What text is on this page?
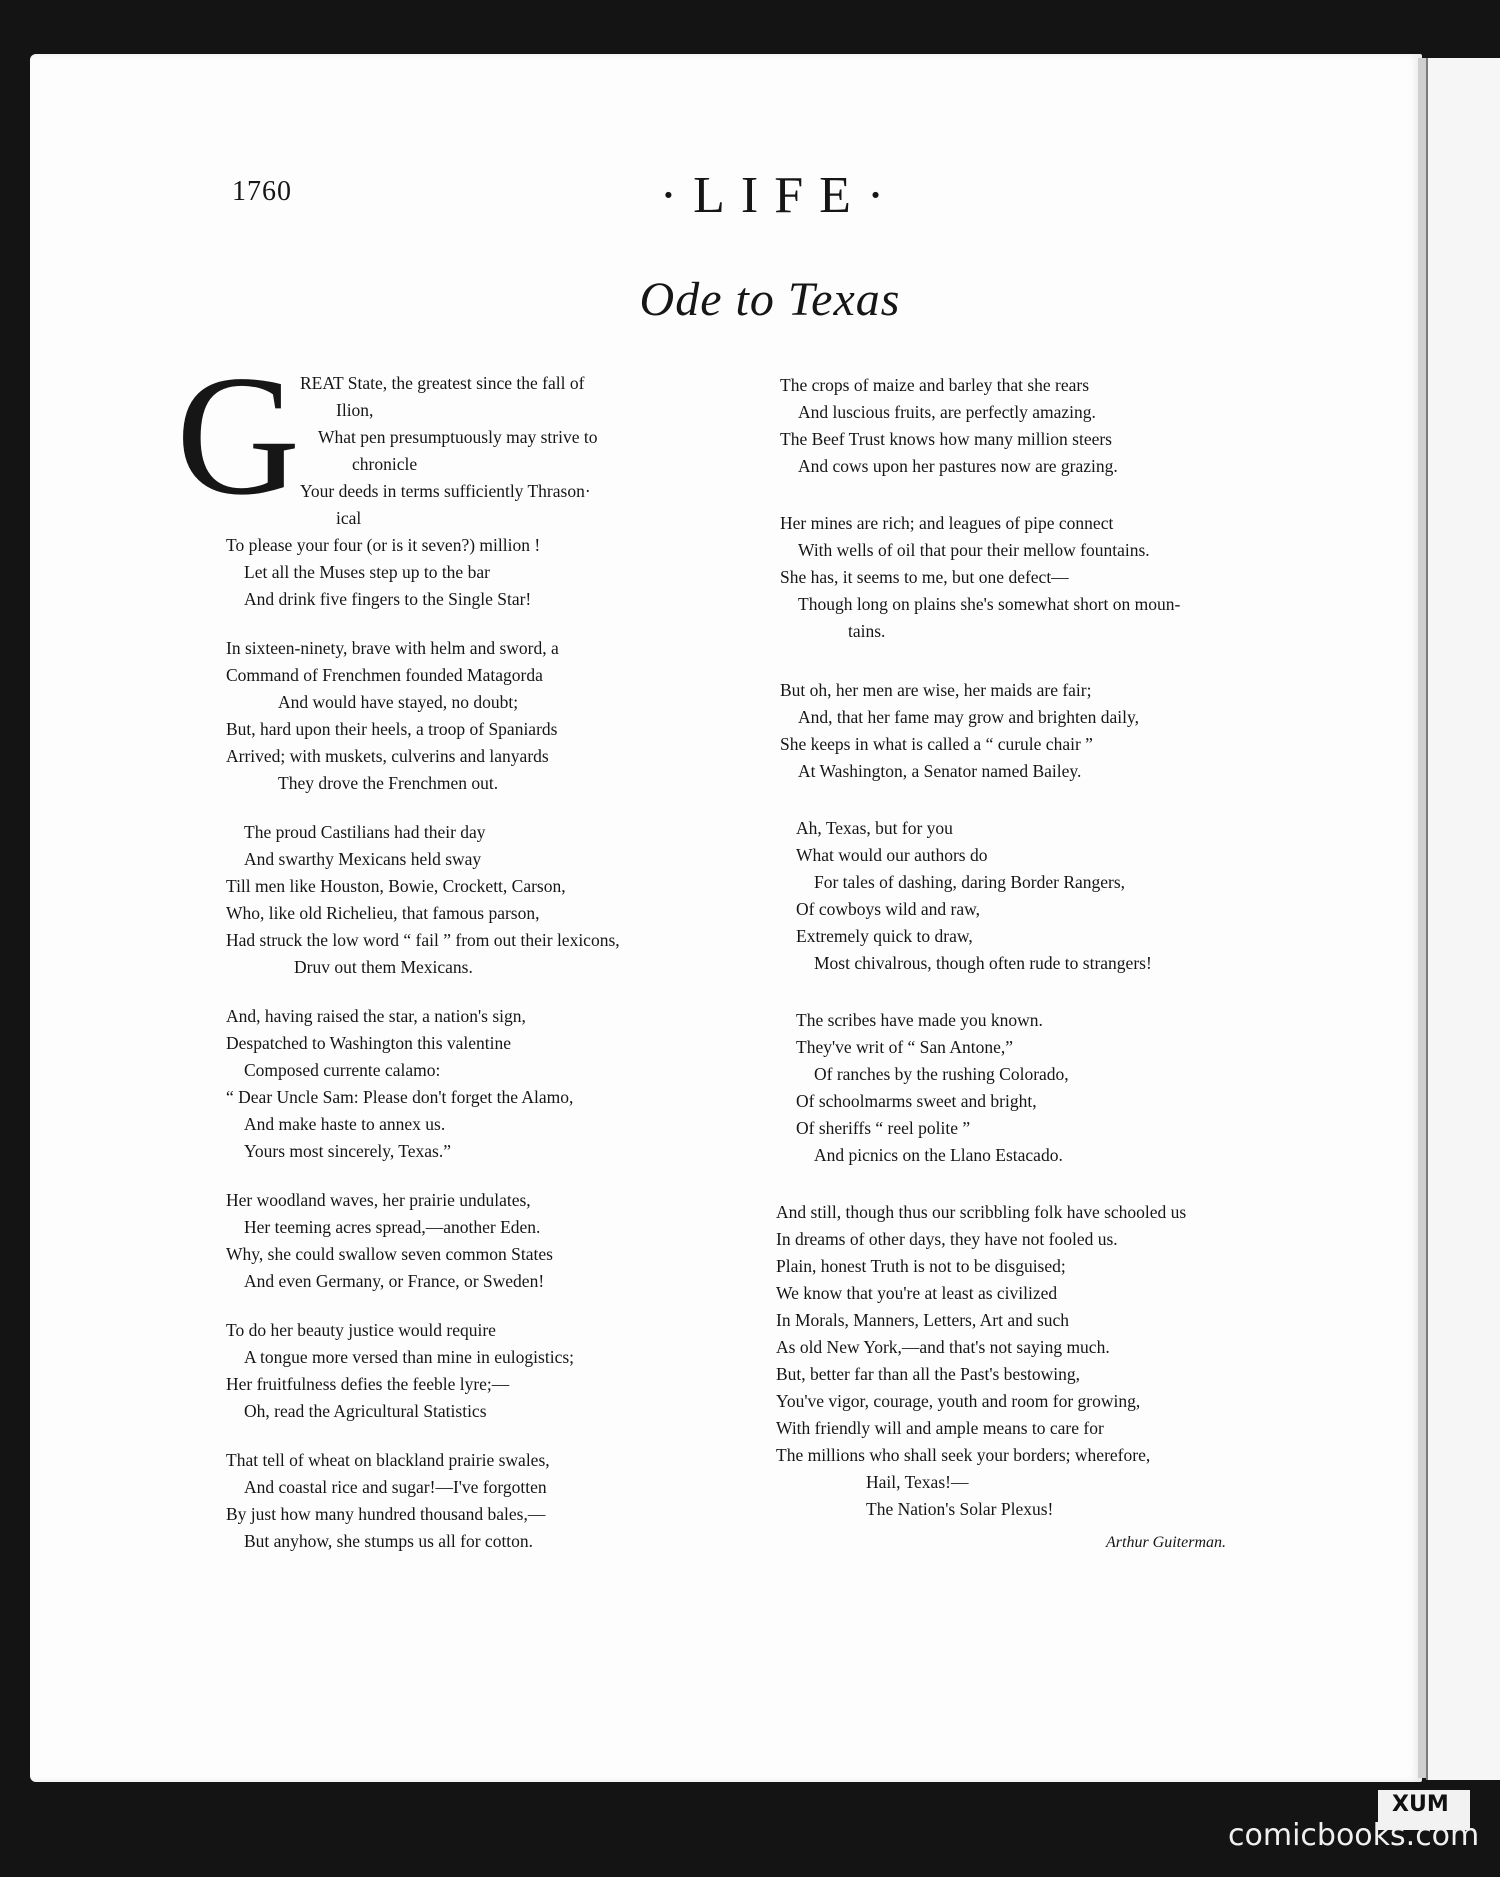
1760	·LIFE·
Ode to Texas
G REAT State, the greatest since the fall of
Ilion,
What pen presumptuously may strive to
chronicle
Your deeds in terms sufficiently Thrason·
ical
To please your four (or is it seven?) million !
Let all the Muses step up to the bar
And drink five fingers to the Single Star!
In sixteen-ninety, brave with helm and sword, a
Command of Frenchmen founded Matagorda
And would have stayed, no doubt;
But, hard upon their heels, a troop of Spaniards
Arrived; with muskets, culverins and lanyards
They drove the Frenchmen out.
The proud Castilians had their day
And swarthy Mexicans held sway
Till men like Houston, Bowie, Crockett, Carson,
Who, like old Richelieu, that famous parson,
Had struck the low word “ fail ” from out their lexicons,
Druv out them Mexicans.
And, having raised the star, a nation's sign,
Despatched to Washington this valentine
Composed currente calamo:
“ Dear Uncle Sam: Please don't forget the Alamo,
And make haste to annex us.
Yours most sincerely, Texas.”
Her woodland waves, her prairie undulates,
Her teeming acres spread,—another Eden.
Why, she could swallow seven common States
And even Germany, or France, or Sweden!
To do her beauty justice would require
A tongue more versed than mine in eulogistics;
Her fruitfulness defies the feeble lyre;—
Oh, read the Agricultural Statistics
That tell of wheat on blackland prairie swales,
And coastal rice and sugar!—I've forgotten
By just how many hundred thousand bales,—
But anyhow, she stumps us all for cotton.
The crops of maize and barley that she rears
And luscious fruits, are perfectly amazing.
The Beef Trust knows how many million steers
And cows upon her pastures now are grazing.
Her mines are rich; and leagues of pipe connect
With wells of oil that pour their mellow fountains.
She has, it seems to me, but one defect—
Though long on plains she's somewhat short on moun-
tains.
But oh, her men are wise, her maids are fair;
And, that her fame may grow and brighten daily,
She keeps in what is called a “ curule chair ”
At Washington, a Senator named Bailey.
Ah, Texas, but for you
What would our authors do
For tales of dashing, daring Border Rangers,
Of cowboys wild and raw,
Extremely quick to draw,
Most chivalrous, though often rude to strangers!
The scribes have made you known.
They've writ of “ San Antone,”
Of ranches by the rushing Colorado,
Of schoolmarms sweet and bright,
Of sheriffs “ reel polite ”
And picnics on the Llano Estacado.
And still, though thus our scribbling folk have schooled us
In dreams of other days, they have not fooled us.
Plain, honest Truth is not to be disguised;
We know that you're at least as civilized
In Morals, Manners, Letters, Art and such
As old New York,—and that's not saying much.
But, better far than all the Past's bestowing,
You've vigor, courage, youth and room for growing,
With friendly will and ample means to care for
The millions who shall seek your borders; wherefore,
Hail, Texas!—
The Nation's Solar Plexus!
Arthur Guiterman.
XUM
comicbooks.com
